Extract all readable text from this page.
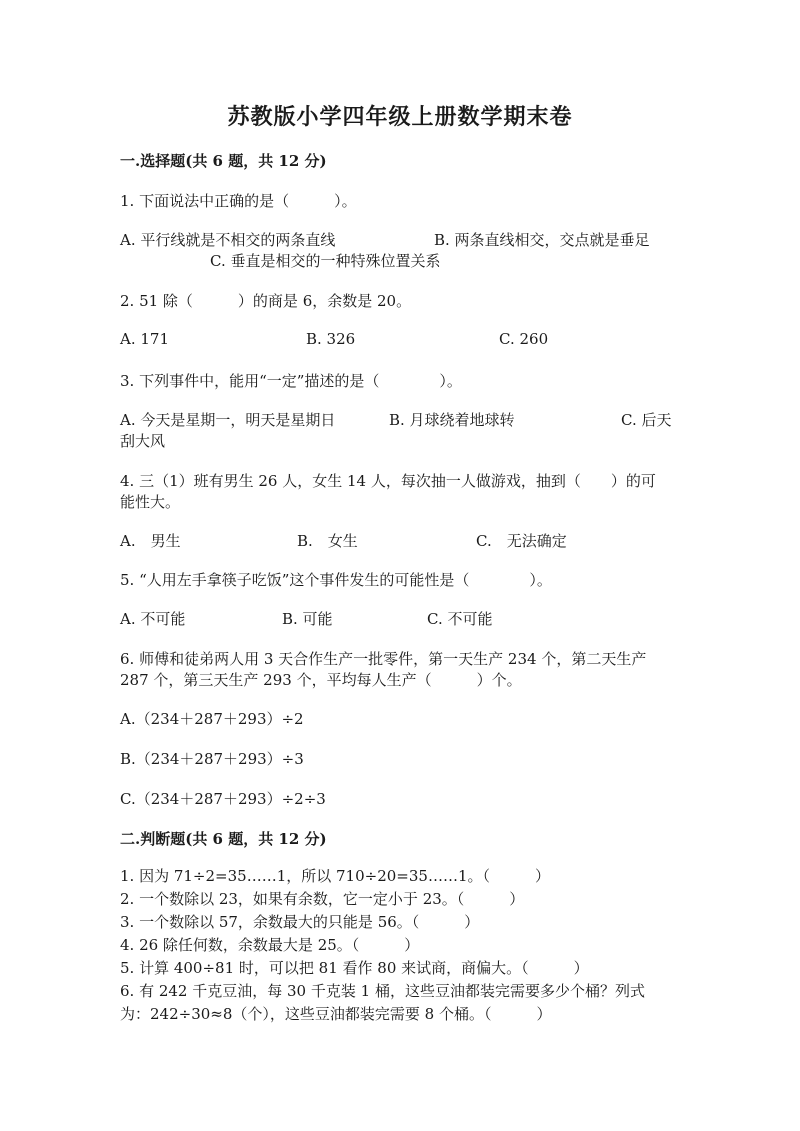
苏教版小学四年级上册数学期末卷
一.选择题(共 6 题，共 12 分)
1. 下面说法中正确的是（　　　）。
A. 平行线就是不相交的两条直线	B. 两条直线相交，交点就是垂足
C. 垂直是相交的一种特殊位置关系
2. 51 除（　　　）的商是 6，余数是 20。
A. 171	B. 326	C. 260
3. 下列事件中，能用“一定”描述的是（　　　　）。
A. 今天是星期一，明天是星期日	B. 月球绕着地球转	C. 后天
刮大风
4. 三（1）班有男生 26 人，女生 14 人，每次抽一人做游戏，抽到（　　）的可
能性大。
A.　男生	B.　女生	C.　无法确定
5. “人用左手拿筷子吃饭”这个事件发生的可能性是（　　　　）。
A. 不可能	B. 可能	C. 不可能
6. 师傅和徒弟两人用 3 天合作生产一批零件，第一天生产 234 个，第二天生产
287 个，第三天生产 293 个，平均每人生产（　　　）个。
A.（234＋287＋293）÷2
B.（234＋287＋293）÷3
C.（234＋287＋293）÷2÷3
二.判断题(共 6 题，共 12 分)
1. 因为 71÷2=35……1，所以 710÷20=35……1。（　　　）
2. 一个数除以 23，如果有余数，它一定小于 23。（　　　）
3. 一个数除以 57，余数最大的只能是 56。（　　　）
4. 26 除任何数，余数最大是 25。（　　　）
5. 计算 400÷81 时，可以把 81 看作 80 来试商，商偏大。（　　　）
6. 有 242 千克豆油，每 30 千克装 1 桶，这些豆油都装完需要多少个桶？列式
为：242÷30≈8（个），这些豆油都装完需要 8 个桶。（　　　）
